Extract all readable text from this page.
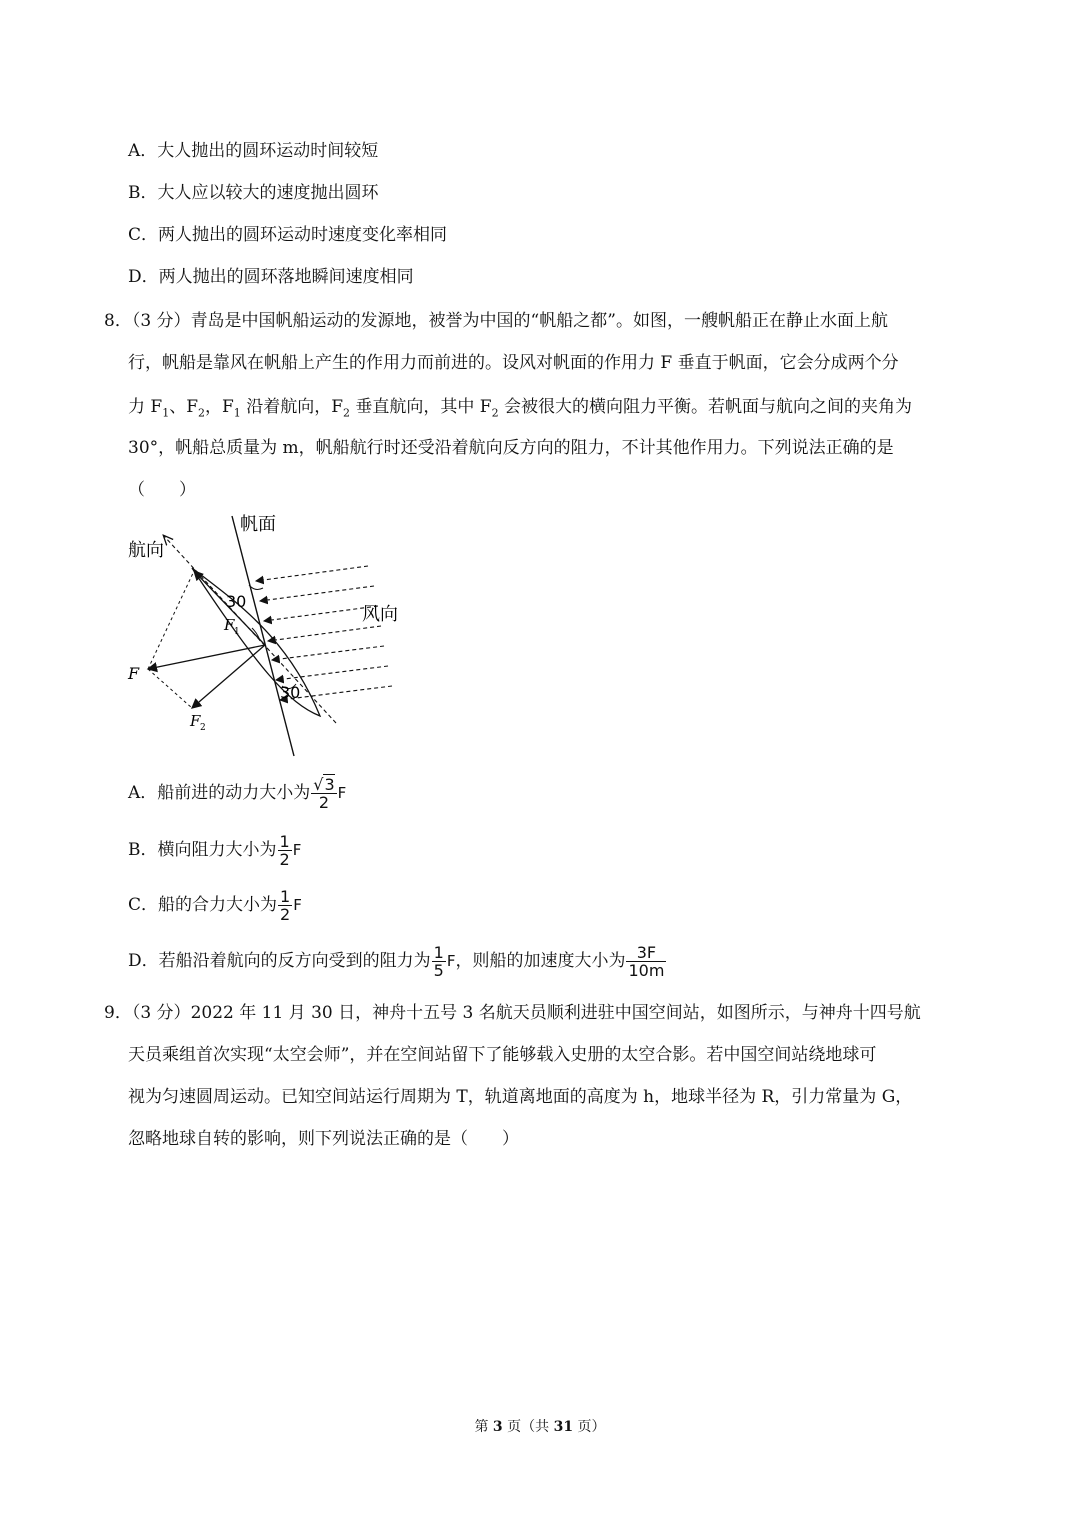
A．大人抛出的圆环运动时间较短
B．大人应以较大的速度抛出圆环
C．两人抛出的圆环运动时速度变化率相同
D．两人抛出的圆环落地瞬间速度相同
8．（3 分）青岛是中国帆船运动的发源地，被誉为中国的“帆船之都”。如图，一艘帆船正在静止水面上航
行，帆船是靠风在帆船上产生的作用力而前进的。设风对帆面的作用力 F 垂直于帆面，它会分成两个分
力 $F_1$、$F_2$，$F_1$ 沿着航向，$F_2$ 垂直航向，其中 $F_2$ 会被很大的横向阻力平衡。若帆面与航向之间的夹角为
30°，帆船总质量为 m，帆船航行时还受沿着航向反方向的阻力，不计其他作用力。下列说法正确的是
（　　）
帆面
航向
风向
30
30
F
F 1
F 2
A．船前进的动力大小为 $\frac{√3}{2}$ F
B．横向阻力大小为 $\frac{1}{2}$ F
C．船的合力大小为 $\frac{1}{2}$ F
D．若船沿着航向的反方向受到的阻力为 $\frac{1}{5}$ F，则船的加速度大小为 $\frac{3F}{10m}$
9．（3 分）2022 年 11 月 30 日，神舟十五号 3 名航天员顺利进驻中国空间站，如图所示，与神舟十四号航
天员乘组首次实现“太空会师”，并在空间站留下了能够载入史册的太空合影。若中国空间站绕地球可
视为匀速圆周运动。已知空间站运行周期为 T，轨道离地面的高度为 h，地球半径为 R，引力常量为 G，
忽略地球自转的影响，则下列说法正确的是（　　）
第 3 页（共 31 页）
